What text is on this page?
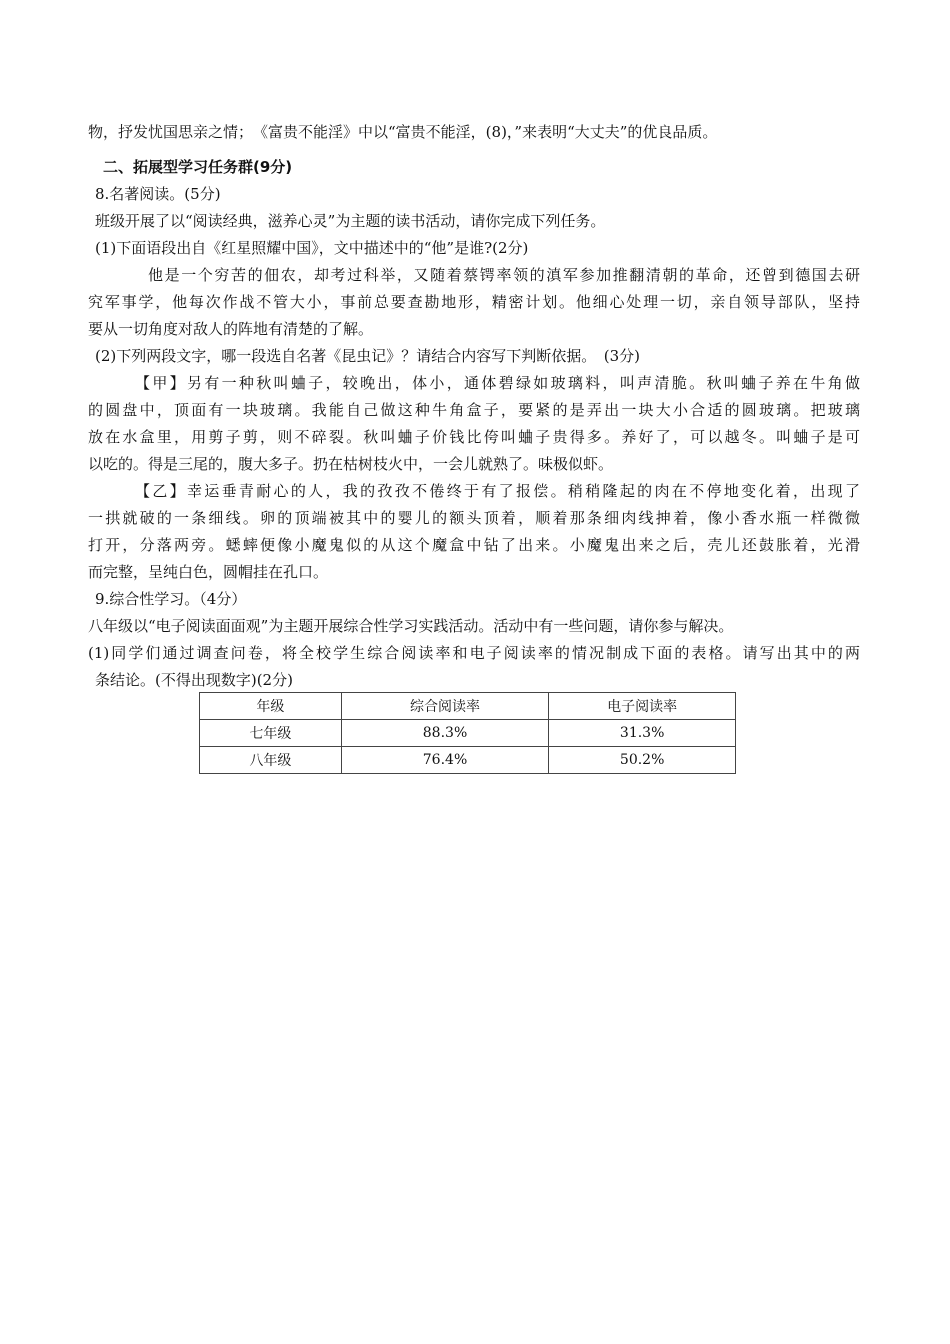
物，抒发忧国思亲之情；　《富贵不能淫》中以“富贵不能淫，(8)，”来表明“大丈夫”的优良品质。
二、拓展型学习任务群(9分)
8.名著阅读。(5分)
班级开展了以“阅读经典，滋养心灵”为主题的读书活动，请你完成下列任务。
(1)下面语段出自《红星照耀中国》，文中描述中的“他”是谁?(2分)
他是一个穷苦的佃农，却考过科举，又随着蔡锷率领的滇军参加推翻清朝的革命，还曾到德国去研
究军事学，他每次作战不管大小，事前总要查勘地形，精密计划。他细心处理一切，亲自领导部队，坚持
要从一切角度对敌人的阵地有清楚的了解。
(2)下列两段文字，哪一段选自名著《昆虫记》？请结合内容写下判断依据。　(3分)
【甲】另有一种秋叫蛐子，较晚出，体小，通体碧绿如玻璃料，叫声清脆。秋叫蛐子养在牛角做
的圆盘中，顶面有一块玻璃。我能自己做这种牛角盒子，要紧的是弄出一块大小合适的圆玻璃。把玻璃
放在水盒里，用剪子剪，则不碎裂。秋叫蛐子价钱比侉叫蛐子贵得多。养好了，可以越冬。叫蛐子是可
以吃的。得是三尾的，腹大多子。扔在枯树枝火中，一会儿就熟了。味极似虾。
【乙】幸运垂青耐心的人，我的孜孜不倦终于有了报偿。稍稍隆起的肉在不停地变化着，出现了
一拱就破的一条细线。卵的顶端被其中的婴儿的额头顶着，顺着那条细肉线抻着，像小香水瓶一样微微
打开，分落两旁。蟋蟀便像小魔鬼似的从这个魔盒中钻了出来。小魔鬼出来之后，壳儿还鼓胀着，光滑
而完整，呈纯白色，圆帽挂在孔口。
9.综合性学习。（4分）
八年级以“电子阅读面面观”为主题开展综合性学习实践活动。活动中有一些问题，请你参与解决。
(1)同学们通过调查问卷，将全校学生综合阅读率和电子阅读率的情况制成下面的表格。请写出其中的两
条结论。(不得出现数字)(2分)
年级	综合阅读率	电子阅读率
七年级	88.3%	31.3%
八年级	76.4%	50.2%
